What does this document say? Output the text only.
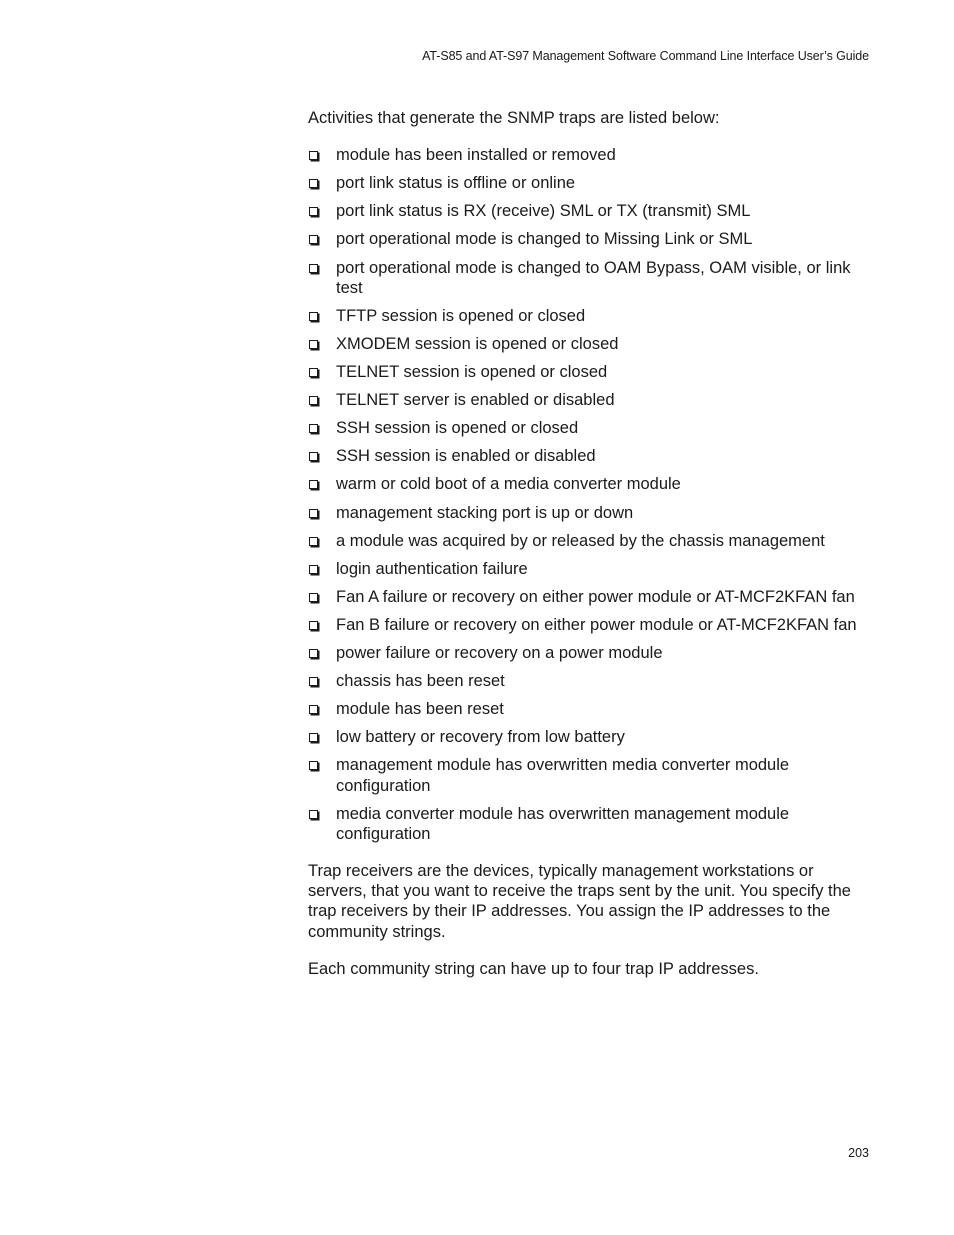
AT-S85 and AT-S97 Management Software Command Line Interface User’s Guide

Activities that generate the SNMP traps are listed below:

module has been installed or removed
port link status is offline or online
port link status is RX (receive) SML or TX (transmit) SML
port operational mode is changed to Missing Link or SML
port operational mode is changed to OAM Bypass, OAM visible, or link test
TFTP session is opened or closed
XMODEM session is opened or closed
TELNET session is opened or closed
TELNET server is enabled or disabled
SSH session is opened or closed
SSH session is enabled or disabled
warm or cold boot of a media converter module
management stacking port is up or down
a module was acquired by or released by the chassis management
login authentication failure
Fan A failure or recovery on either power module or AT-MCF2KFAN fan
Fan B failure or recovery on either power module or AT-MCF2KFAN fan
power failure or recovery on a power module
chassis has been reset
module has been reset
low battery or recovery from low battery
management module has overwritten media converter module configuration
media converter module has overwritten management module configuration

Trap receivers are the devices, typically management workstations or servers, that you want to receive the traps sent by the unit. You specify the trap receivers by their IP addresses. You assign the IP addresses to the community strings.

Each community string can have up to four trap IP addresses.

203
